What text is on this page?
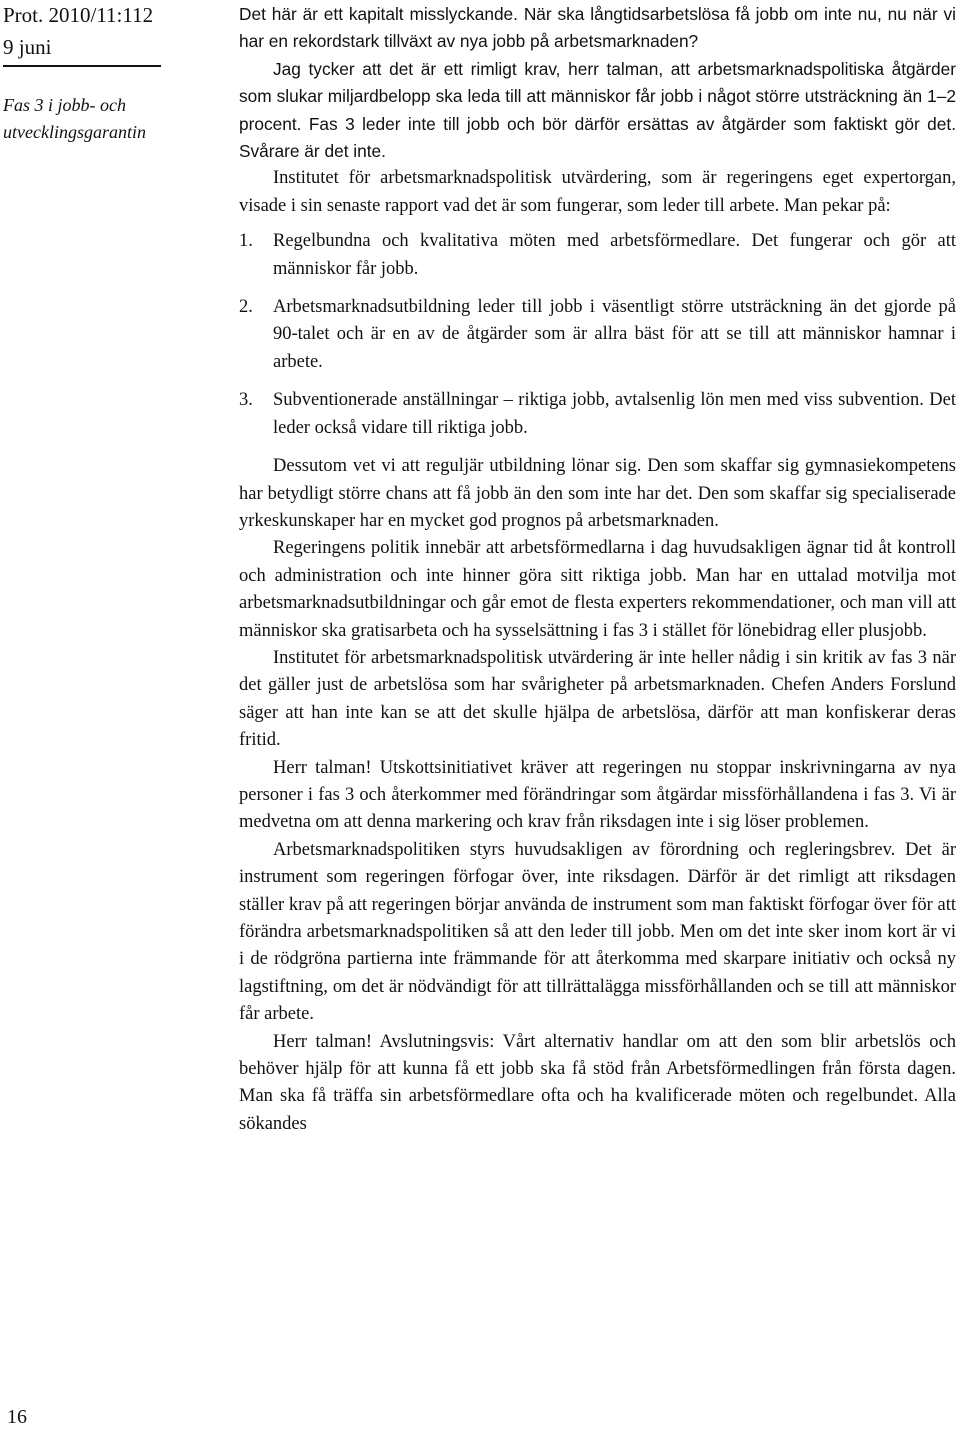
Prot. 2010/11:112
9 juni
Fas 3 i jobb- och utvecklingsgarantin
16

Det här är ett kapitalt misslyckande. När ska långtidsarbetslösa få jobb om inte nu, nu när vi har en rekordstark tillväxt av nya jobb på arbetsmarknaden?

Jag tycker att det är ett rimligt krav, herr talman, att arbetsmarknadspolitiska åtgärder som slukar miljardbelopp ska leda till att människor får jobb i något större utsträckning än 1–2 procent. Fas 3 leder inte till jobb och bör därför ersättas av åtgärder som faktiskt gör det. Svårare är det inte.

Institutet för arbetsmarknadspolitisk utvärdering, som är regeringens eget expertorgan, visade i sin senaste rapport vad det är som fungerar, som leder till arbete. Man pekar på:

1. Regelbundna och kvalitativa möten med arbetsförmedlare. Det fungerar och gör att människor får jobb.
2. Arbetsmarknadsutbildning leder till jobb i väsentligt större utsträckning än det gjorde på 90-talet och är en av de åtgärder som är allra bäst för att se till att människor hamnar i arbete.
3. Subventionerade anställningar – riktiga jobb, avtalsenlig lön men med viss subvention. Det leder också vidare till riktiga jobb.

Dessutom vet vi att reguljär utbildning lönar sig. Den som skaffar sig gymnasiekompetens har betydligt större chans att få jobb än den som inte har det. Den som skaffar sig specialiserade yrkeskunskaper har en mycket god prognos på arbetsmarknaden.

Regeringens politik innebär att arbetsförmedlarna i dag huvudsakligen ägnar tid åt kontroll och administration och inte hinner göra sitt riktiga jobb. Man har en uttalad motvilja mot arbetsmarknadsutbildningar och går emot de flesta experters rekommendationer, och man vill att människor ska gratisarbeta och ha sysselsättning i fas 3 i stället för lönebidrag eller plusjobb.

Institutet för arbetsmarknadspolitisk utvärdering är inte heller nådig i sin kritik av fas 3 när det gäller just de arbetslösa som har svårigheter på arbetsmarknaden. Chefen Anders Forslund säger att han inte kan se att det skulle hjälpa de arbetslösa, därför att man konfiskerar deras fritid.

Herr talman! Utskottsinitiativet kräver att regeringen nu stoppar inskrivningarna av nya personer i fas 3 och återkommer med förändringar som åtgärdar missförhållandena i fas 3. Vi är medvetna om att denna markering och krav från riksdagen inte i sig löser problemen.

Arbetsmarknadspolitiken styrs huvudsakligen av förordning och regleringsbrev. Det är instrument som regeringen förfogar över, inte riksdagen. Därför är det rimligt att riksdagen ställer krav på att regeringen börjar använda de instrument som man faktiskt förfogar över för att förändra arbetsmarknadspolitiken så att den leder till jobb. Men om det inte sker inom kort är vi i de rödgröna partierna inte främmande för att återkomma med skarpare initiativ och också ny lagstiftning, om det är nödvändigt för att tillrättalägga missförhållanden och se till att människor får arbete.

Herr talman! Avslutningsvis: Vårt alternativ handlar om att den som blir arbetslös och behöver hjälp för att kunna få ett jobb ska få stöd från Arbetsförmedlingen från första dagen. Man ska få träffa sin arbetsförmedlare ofta och ha kvalificerade möten och regelbundet. Alla sökandes
